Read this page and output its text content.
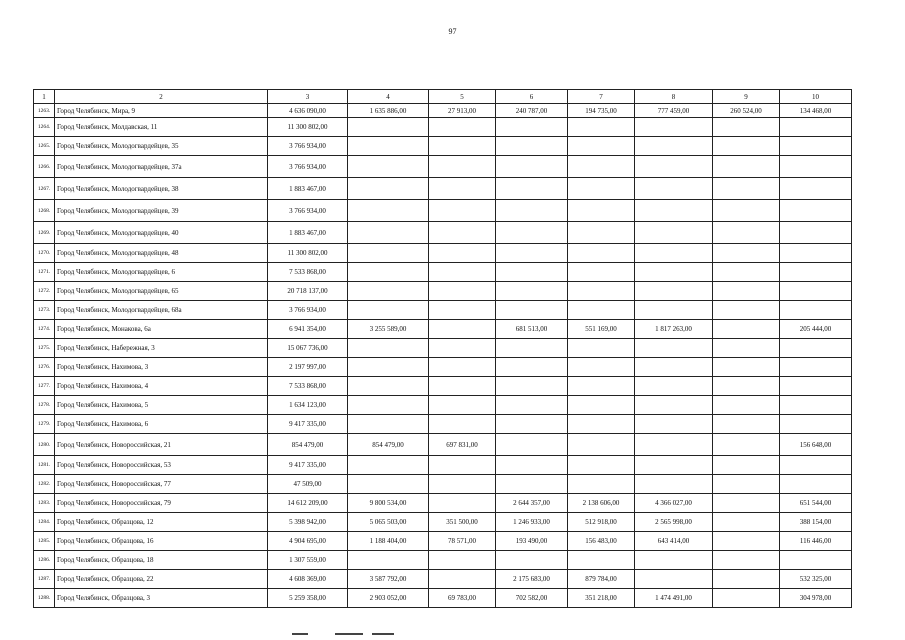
97
1	2	3	4	5	6	7	8	9	10
1263.	Город Челябинск, Мира, 9	4 636 090,00	1 635 886,00	27 913,00	240 787,00	194 735,00	777 459,00	260 524,00	134 468,00
1264.	Город Челябинск, Молдавская, 11	11 300 802,00							
1265.	Город Челябинск, Молодогвардейцев, 35	3 766 934,00							
1266.	Город Челябинск, Молодогвардейцев, 37а	3 766 934,00							
1267.	Город Челябинск, Молодогвардейцев, 38	1 883 467,00							
1268.	Город Челябинск, Молодогвардейцев, 39	3 766 934,00							
1269.	Город Челябинск, Молодогвардейцев, 40	1 883 467,00							
1270.	Город Челябинск, Молодогвардейцев, 48	11 300 802,00							
1271.	Город Челябинск, Молодогвардейцев, 6	7 533 868,00							
1272.	Город Челябинск, Молодогвардейцев, 65	20 718 137,00							
1273.	Город Челябинск, Молодогвардейцев, 68а	3 766 934,00							
1274.	Город Челябинск, Монакова, 6а	6 941 354,00	3 255 589,00		681 513,00	551 169,00	1 817 263,00		205 444,00
1275.	Город Челябинск, Набережная, 3	15 067 736,00							
1276.	Город Челябинск, Нахимова, 3	2 197 997,00							
1277.	Город Челябинск, Нахимова, 4	7 533 868,00							
1278.	Город Челябинск, Нахимова, 5	1 634 123,00							
1279.	Город Челябинск, Нахимова, 6	9 417 335,00							
1280.	Город Челябинск, Новороссийская, 21	854 479,00	854 479,00	697 831,00					156 648,00
1281.	Город Челябинск, Новороссийская, 53	9 417 335,00							
1282.	Город Челябинск, Новороссийская, 77	47 509,00							
1283.	Город Челябинск, Новороссийская, 79	14 612 209,00	9 800 534,00		2 644 357,00	2 138 606,00	4 366 027,00		651 544,00
1284.	Город Челябинск, Образцова, 12	5 398 942,00	5 065 503,00	351 500,00	1 246 933,00	512 918,00	2 565 998,00		388 154,00
1285.	Город Челябинск, Образцова, 16	4 904 695,00	1 188 404,00	78 571,00	193 490,00	156 483,00	643 414,00		116 446,00
1286.	Город Челябинск, Образцова, 18	1 307 559,00							
1287.	Город Челябинск, Образцова, 22	4 608 369,00	3 587 792,00		2 175 683,00	879 784,00			532 325,00
1288.	Город Челябинск, Образцова, 3	5 259 358,00	2 903 052,00	69 783,00	702 582,00	351 218,00	1 474 491,00		304 978,00
